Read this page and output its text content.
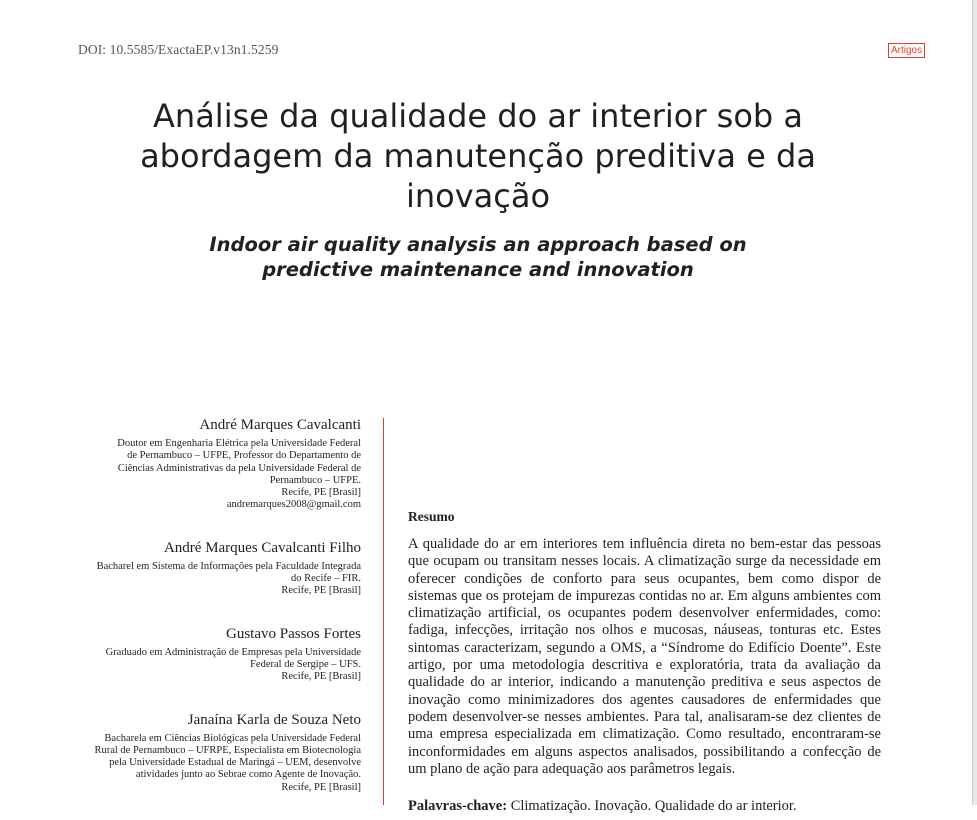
DOI: 10.5585/ExactaEP.v13n1.5259	Artigos
Análise da qualidade do ar interior sob a abordagem da manutenção preditiva e da inovação
Indoor air quality analysis an approach based on predictive maintenance and innovation
André Marques Cavalcanti
Doutor em Engenharia Elétrica pela Universidade Federal
de Pernambuco – UFPE, Professor do Departamento de
Ciências Administrativas da pela Universidade Federal de
Pernambuco – UFPE.
Recife, PE [Brasil]
andremarques2008@gmail.com
André Marques Cavalcanti Filho
Bacharel em Sistema de Informações pela Faculdade Integrada
do Recife – FIR.
Recife, PE [Brasil]
Gustavo Passos Fortes
Graduado em Administração de Empresas pela Universidade
Federal de Sergipe – UFS.
Recife, PE [Brasil]
Janaína Karla de Souza Neto
Bacharela em Ciências Biológicas pela Universidade Federal
Rural de Pernambuco – UFRPE, Especialista em Biotecnologia
pela Universidade Estadual de Maringá – UEM, desenvolve
atividades junto ao Sebrae como Agente de Inovação.
Recife, PE [Brasil]
Resumo

A qualidade do ar em interiores tem influência direta no bem-estar das pessoas que ocupam ou transitam nesses locais. A climatização surge da necessidade em oferecer condições de conforto para seus ocupantes, bem como dispor de sistemas que os protejam de impurezas contidas no ar. Em alguns ambientes com climatização artificial, os ocupantes podem desenvolver enfermidades, como: fadiga, infecções, irritação nos olhos e mucosas, náuseas, tonturas etc. Estes sintomas caracterizam, segundo a OMS, a “Síndrome do Edifício Doente”. Este artigo, por uma metodologia descritiva e exploratória, trata da avaliação da qualidade do ar interior, indicando a manutenção preditiva e seus aspectos de inovação como minimizadores dos agentes causadores de enfermidades que podem desenvolver-se nesses ambientes. Para tal, analisaram-se dez clientes de uma empresa especializada em climatização. Como resultado, encontraram-se inconformidades em alguns aspectos analisados, possibilitando a confecção de um plano de ação para adequação aos parâmetros legais.

Palavras-chave: Climatização. Inovação. Qualidade do ar interior.
